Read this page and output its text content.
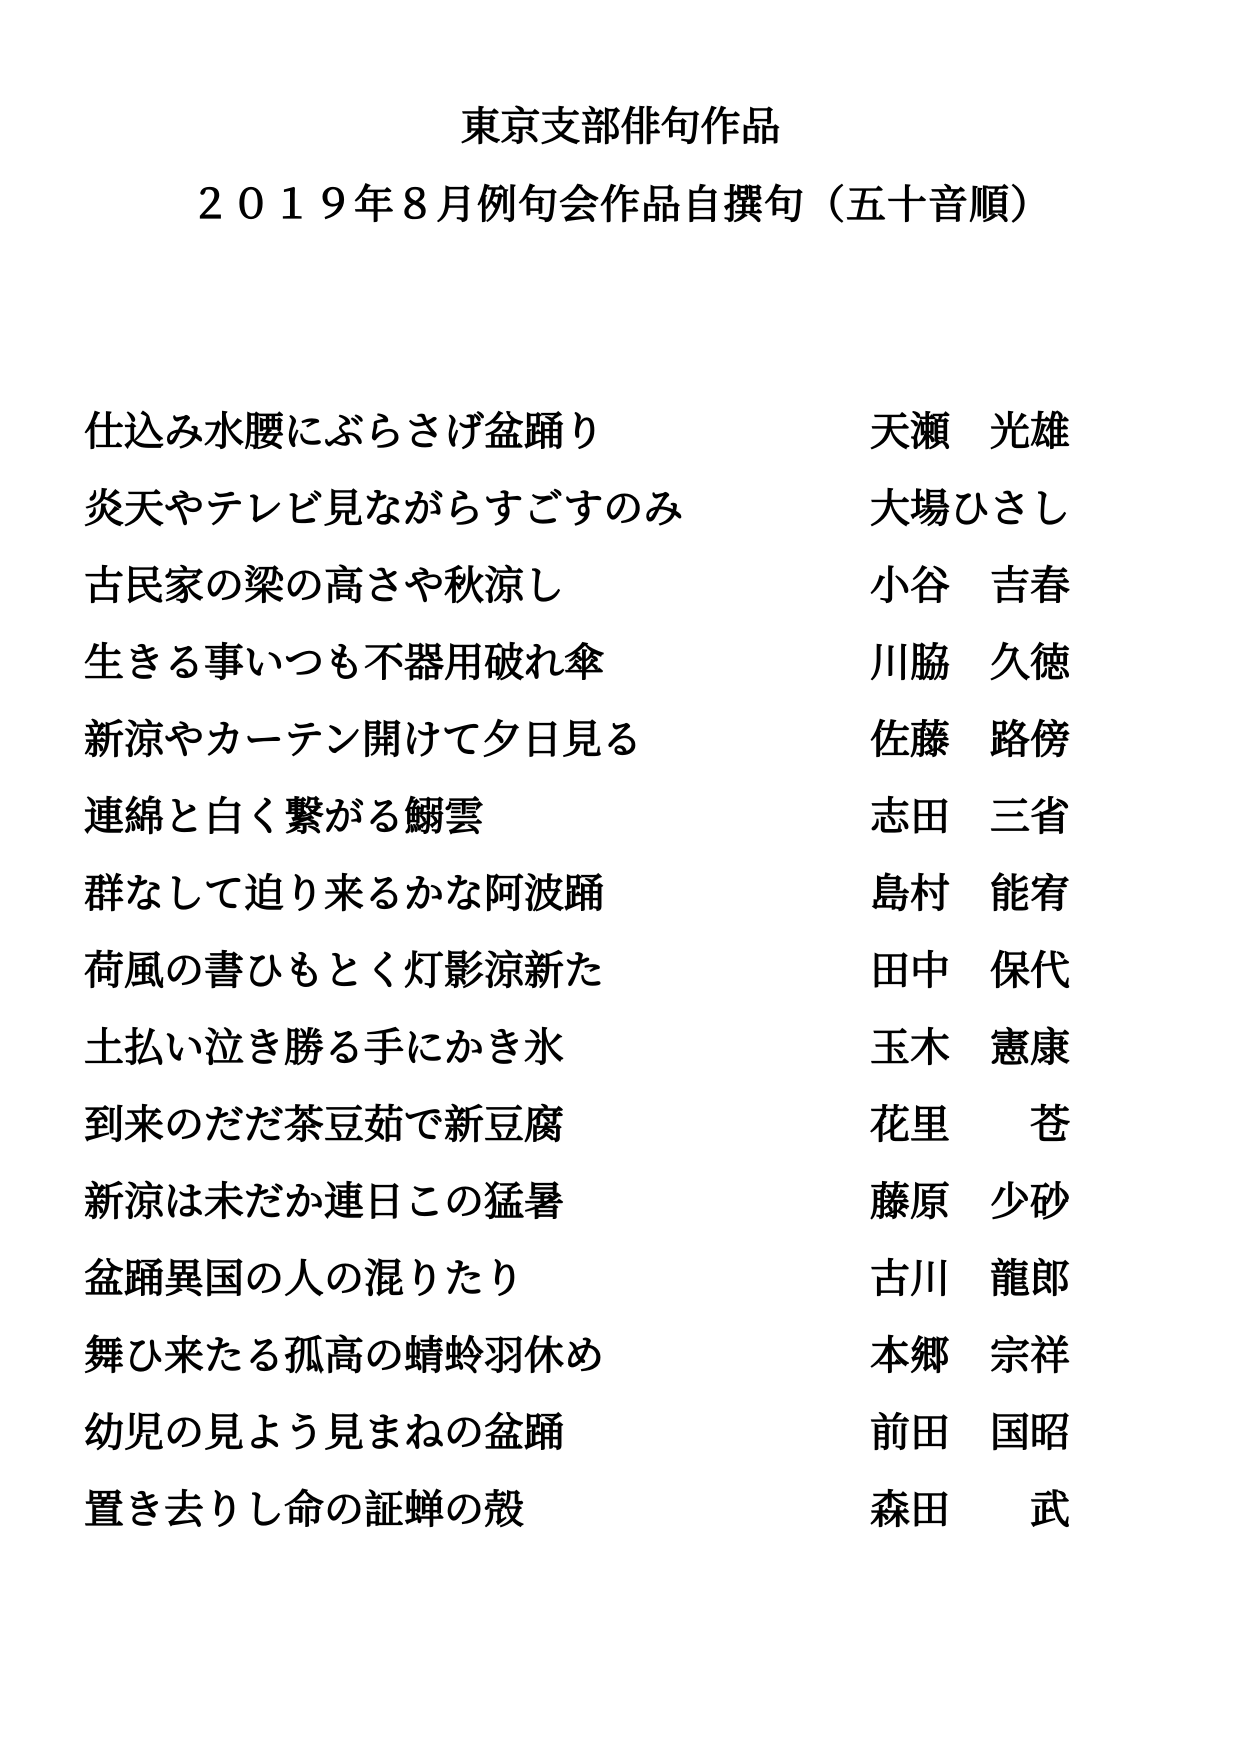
東京支部俳句作品
２０１９年８月例句会作品自撰句（五十音順）
仕込み水腰にぶらさげ盆踊り	天瀬　光雄
炎天やテレビ見ながらすごすのみ	大場ひさし
古民家の梁の高さや秋涼し	小谷　吉春
生きる事いつも不器用破れ傘	川脇　久徳
新涼やカーテン開けて夕日見る	佐藤　路傍
連綿と白く繋がる鰯雲	志田　三省
群なして迫り来るかな阿波踊	島村　能宥
荷風の書ひもとく灯影涼新た	田中　保代
土払い泣き勝る手にかき氷	玉木　憲康
到来のだだ茶豆茹で新豆腐	花里　　苍
新涼は未だか連日この猛暑	藤原　少砂
盆踊異国の人の混りたり	古川　龍郎
舞ひ来たる孤高の蜻蛉羽休め	本郷　宗祥
幼児の見よう見まねの盆踊	前田　国昭
置き去りし命の証蝉の殻	森田　　武
